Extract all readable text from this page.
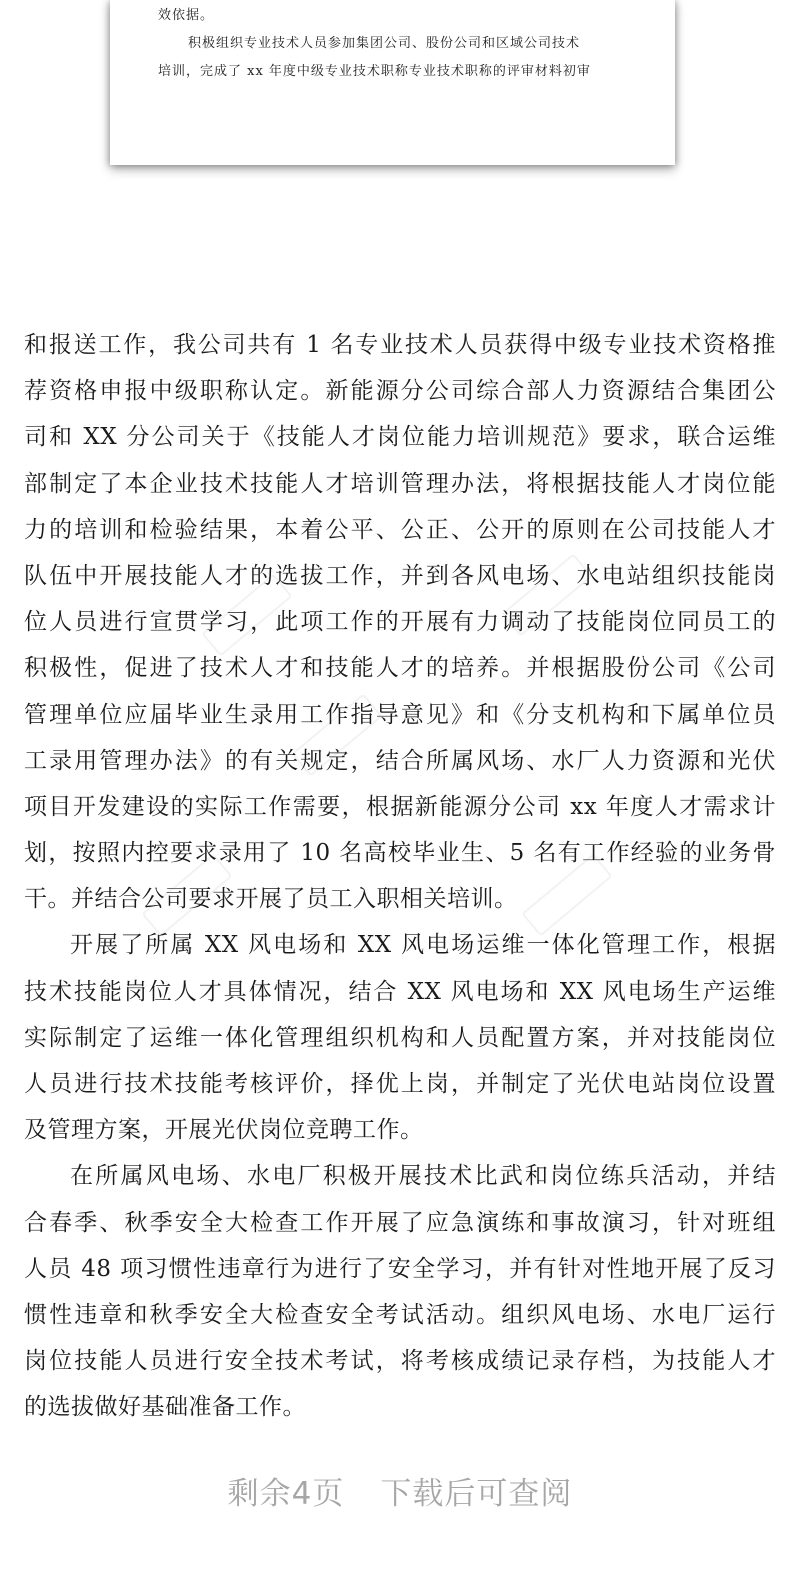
效依据。
积极组织专业技术人员参加集团公司、股份公司和区域公司技术
培训，完成了 xx 年度中级专业技术职称专业技术职称的评审材料初审
和报送工作，我公司共有 1 名专业技术人员获得中级专业技术资格推
荐资格申报中级职称认定。新能源分公司综合部人力资源结合集团公
司和 XX 分公司关于《技能人才岗位能力培训规范》要求，联合运维
部制定了本企业技术技能人才培训管理办法，将根据技能人才岗位能
力的培训和检验结果，本着公平、公正、公开的原则在公司技能人才
队伍中开展技能人才的选拔工作，并到各风电场、水电站组织技能岗
位人员进行宣贯学习，此项工作的开展有力调动了技能岗位同员工的
积极性，促进了技术人才和技能人才的培养。并根据股份公司《公司
管理单位应届毕业生录用工作指导意见》和《分支机构和下属单位员
工录用管理办法》的有关规定，结合所属风场、水厂人力资源和光伏
项目开发建设的实际工作需要，根据新能源分公司 xx 年度人才需求计
划，按照内控要求录用了 10 名高校毕业生、5 名有工作经验的业务骨
干。并结合公司要求开展了员工入职相关培训。
开展了所属 XX 风电场和 XX 风电场运维一体化管理工作，根据
技术技能岗位人才具体情况，结合 XX 风电场和 XX 风电场生产运维
实际制定了运维一体化管理组织机构和人员配置方案，并对技能岗位
人员进行技术技能考核评价，择优上岗，并制定了光伏电站岗位设置
及管理方案，开展光伏岗位竞聘工作。
在所属风电场、水电厂积极开展技术比武和岗位练兵活动，并结
合春季、秋季安全大检查工作开展了应急演练和事故演习，针对班组
人员 48 项习惯性违章行为进行了安全学习，并有针对性地开展了反习
惯性违章和秋季安全大检查安全考试活动。组织风电场、水电厂运行
岗位技能人员进行安全技术考试，将考核成绩记录存档，为技能人才
的选拔做好基础准备工作。
剩余4页 下载后可查阅
